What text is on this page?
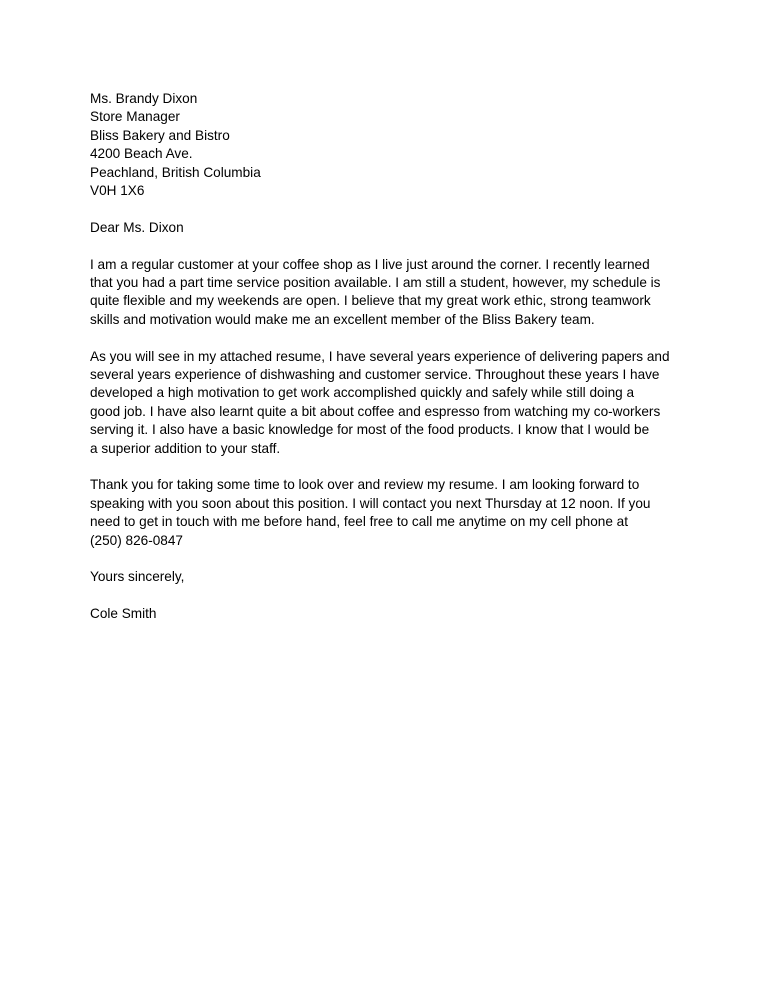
Ms. Brandy Dixon
Store Manager
Bliss Bakery and Bistro
4200 Beach Ave.
Peachland, British Columbia
V0H 1X6
Dear Ms. Dixon
I am a regular customer at your coffee shop as I live just around the corner. I recently learned
that you had a part time service position available. I am still a student, however, my schedule is
quite flexible and my weekends are open. I believe that my great work ethic, strong teamwork
skills and motivation would make me an excellent member of the Bliss Bakery team.
As you will see in my attached resume, I have several years experience of delivering papers and
several years experience of dishwashing and customer service. Throughout these years I have
developed a high motivation to get work accomplished quickly and safely while still doing a
good job. I have also learnt quite a bit about coffee and espresso from watching my co-workers
serving it. I also have a basic knowledge for most of the food products. I know that I would be
a superior addition to your staff.
Thank you for taking some time to look over and review my resume. I am looking forward to
speaking with you soon about this position. I will contact you next Thursday at 12 noon. If you
need to get in touch with me before hand, feel free to call me anytime on my cell phone at
(250) 826-0847
Yours sincerely,
Cole Smith
